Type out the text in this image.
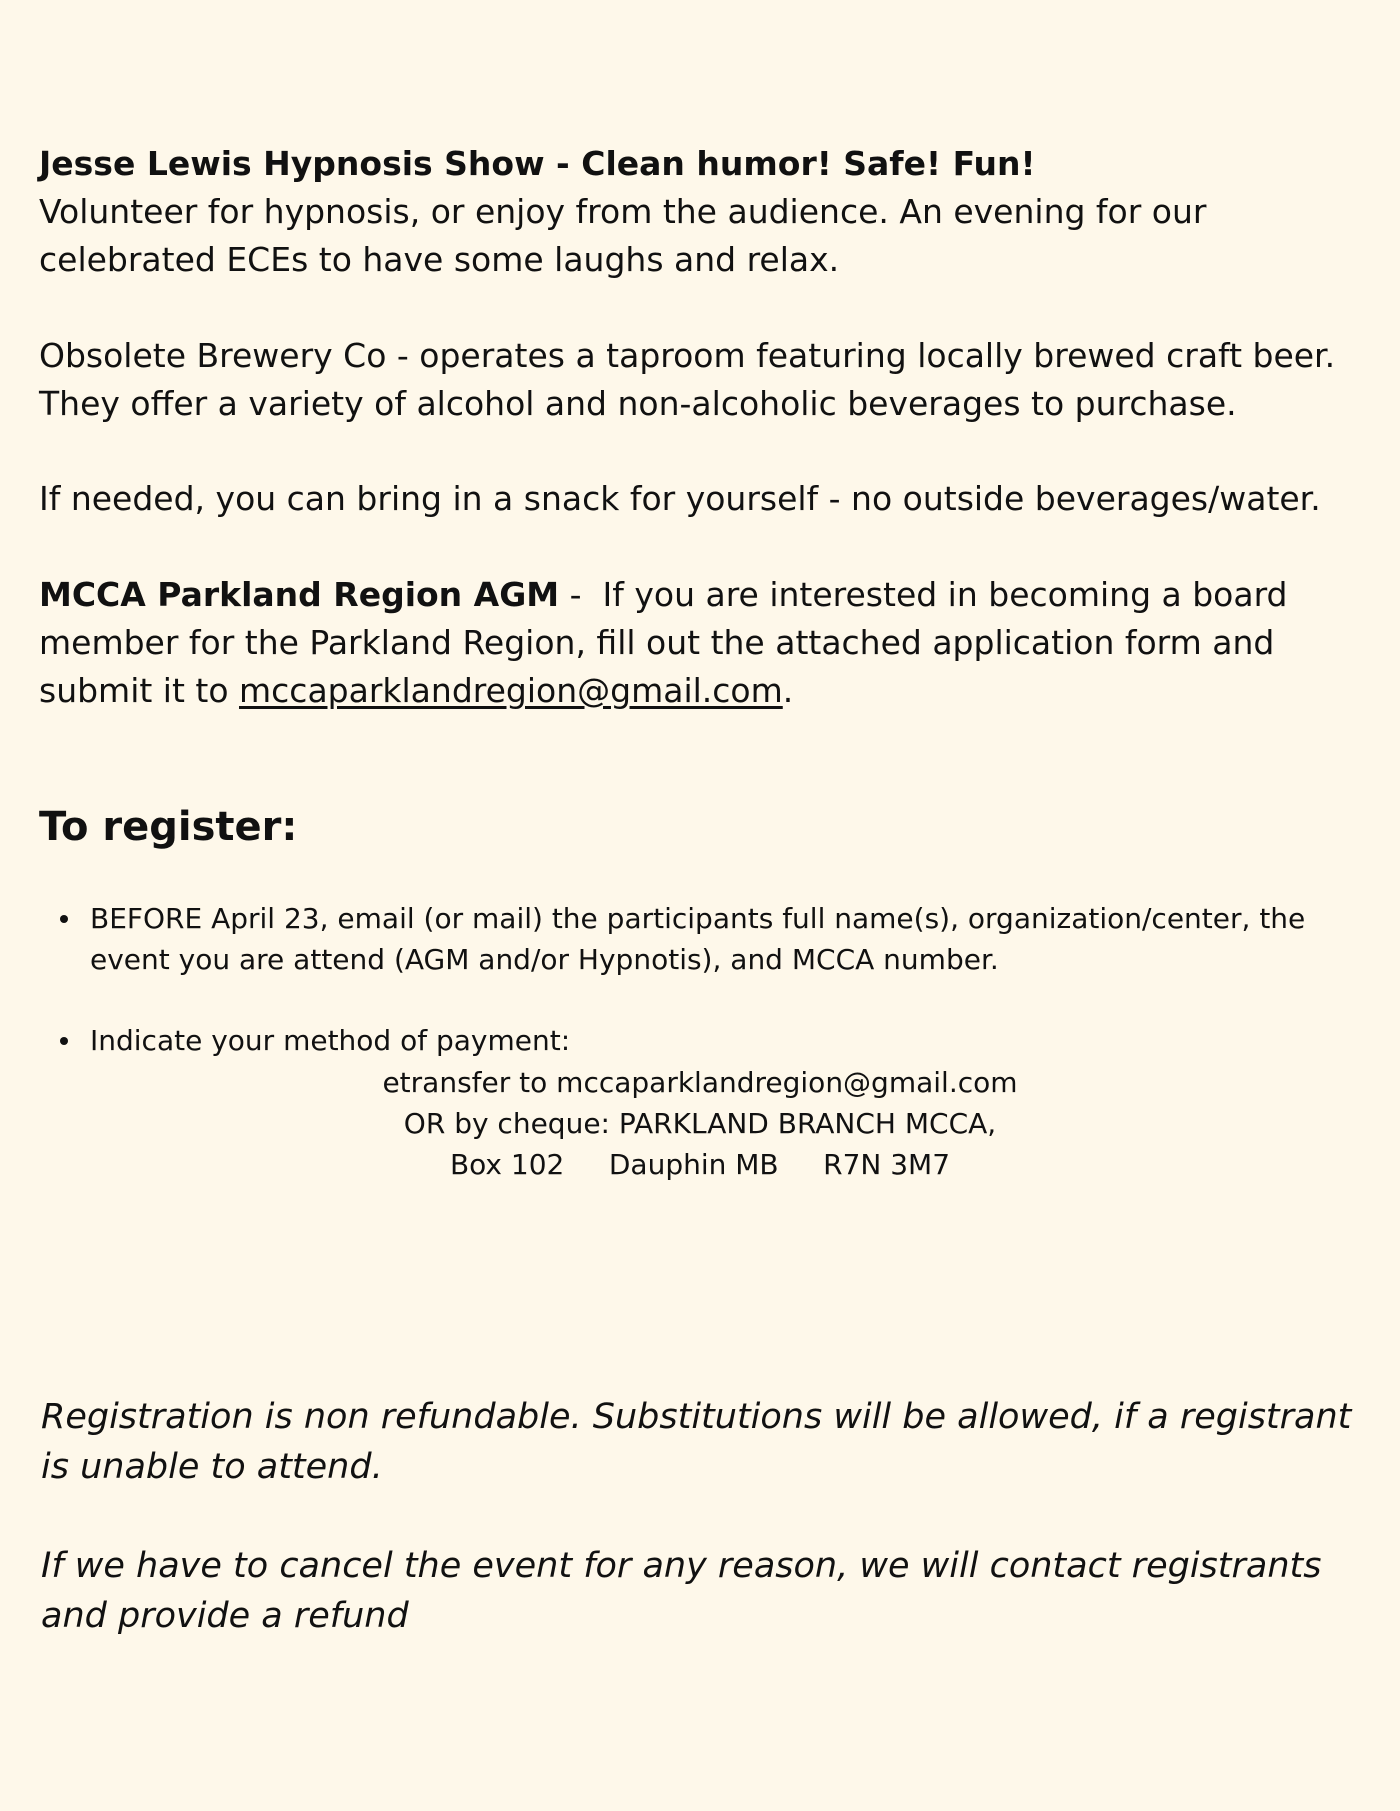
Jesse Lewis Hypnosis Show - Clean humor! Safe! Fun!
Volunteer for hypnosis, or enjoy from the audience. An evening for our celebrated ECEs to have some laughs and relax.
Obsolete Brewery Co - operates a taproom featuring locally brewed craft beer. They offer a variety of alcohol and non-alcoholic beverages to purchase.
If needed, you can bring in a snack for yourself - no outside beverages/water.
MCCA Parkland Region AGM -  If you are interested in becoming a board member for the Parkland Region, fill out the attached application form and submit it to mccaparklandregion@gmail.com.
To register:
BEFORE April 23, email (or mail) the participants full name(s), organization/center, the event you are attend (AGM and/or Hypnotis), and MCCA number.
Indicate your method of payment:
etransfer to mccaparklandregion@gmail.com
OR by cheque: PARKLAND BRANCH MCCA,
Box 102     Dauphin MB     R7N 3M7
Registration is non refundable. Substitutions will be allowed, if a registrant is unable to attend.
If we have to cancel the event for any reason, we will contact registrants and provide a refund
